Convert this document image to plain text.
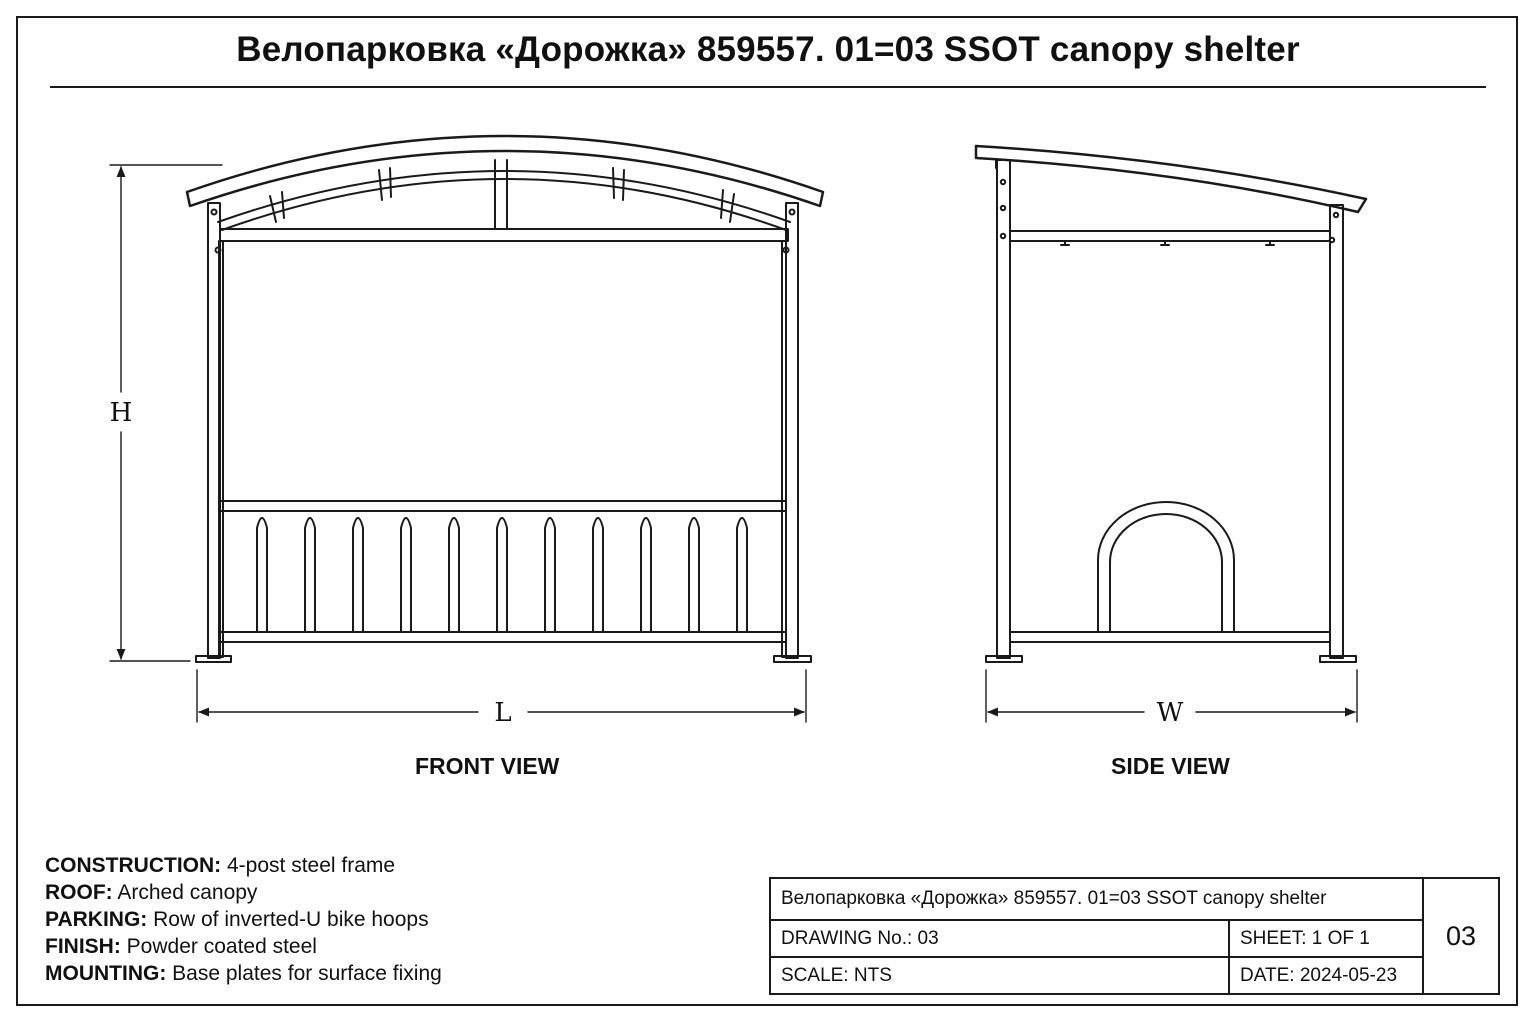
Велопарковка «Дорожка» 859557. 01=03 SSOT canopy shelter
H
L	W
FRONT VIEW	SIDE VIEW
CONSTRUCTION: 4-post steel frame
ROOF: Arched canopy
PARKING: Row of inverted-U bike hoops
FINISH: Powder coated steel
MOUNTING: Base plates for surface fixing
Велопарковка «Дорожка» 859557. 01=03 SSOT canopy shelter		03
DRAWING No.: 03	SHEET: 1 OF 1	
SCALE: NTS	DATE: 2024-05-23	
